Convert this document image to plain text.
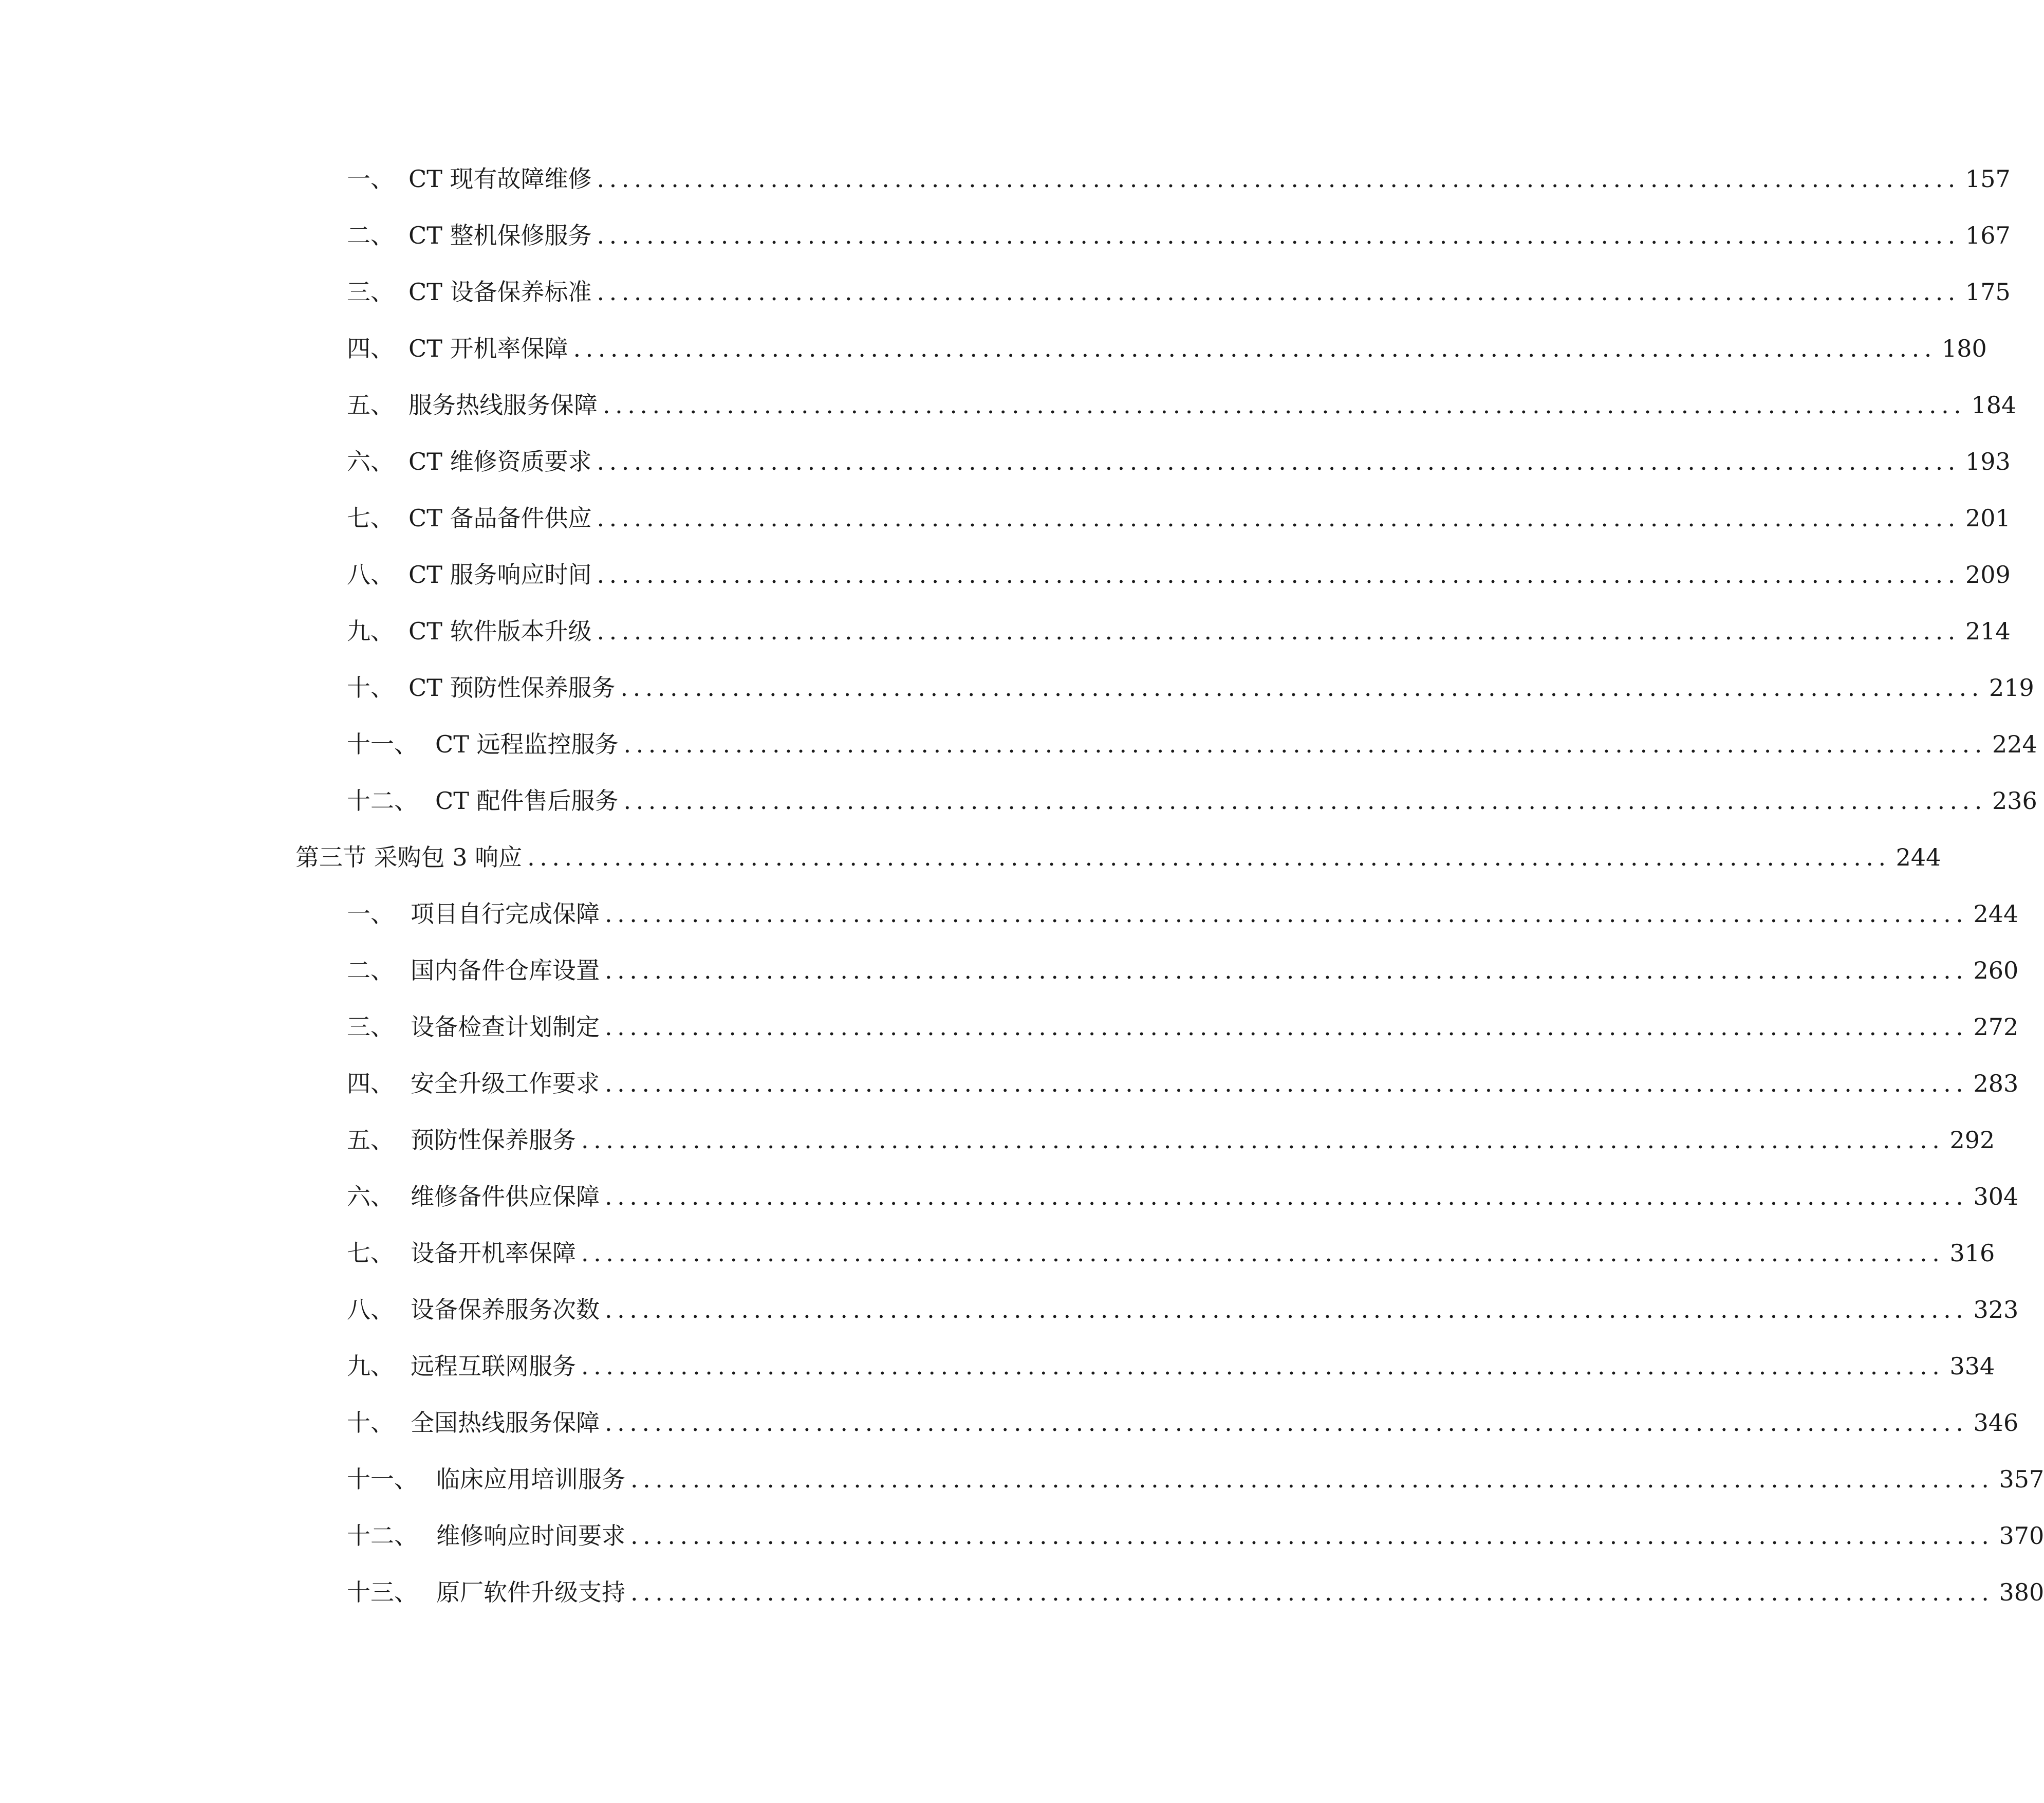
一、 CT 现有故障维修 .............................................................................................................. 157
二、 CT 整机保修服务 .............................................................................................................. 167
三、 CT 设备保养标准 .............................................................................................................. 175
四、 CT 开机率保障 .............................................................................................................. 180
五、 服务热线服务保障 .............................................................................................................. 184
六、 CT 维修资质要求 .............................................................................................................. 193
七、 CT 备品备件供应 .............................................................................................................. 201
八、 CT 服务响应时间 .............................................................................................................. 209
九、 CT 软件版本升级 .............................................................................................................. 214
十、 CT 预防性保养服务 .............................................................................................................. 219
十一、 CT 远程监控服务 .............................................................................................................. 224
十二、 CT 配件售后服务 .............................................................................................................. 236
第三节 采购包 3 响应 .............................................................................................................. 244
一、 项目自行完成保障 .............................................................................................................. 244
二、 国内备件仓库设置 .............................................................................................................. 260
三、 设备检查计划制定 .............................................................................................................. 272
四、 安全升级工作要求 .............................................................................................................. 283
五、 预防性保养服务 .............................................................................................................. 292
六、 维修备件供应保障 .............................................................................................................. 304
七、 设备开机率保障 .............................................................................................................. 316
八、 设备保养服务次数 .............................................................................................................. 323
九、 远程互联网服务 .............................................................................................................. 334
十、 全国热线服务保障 .............................................................................................................. 346
十一、 临床应用培训服务 .............................................................................................................. 357
十二、 维修响应时间要求 .............................................................................................................. 370
十三、 原厂软件升级支持 .............................................................................................................. 380
